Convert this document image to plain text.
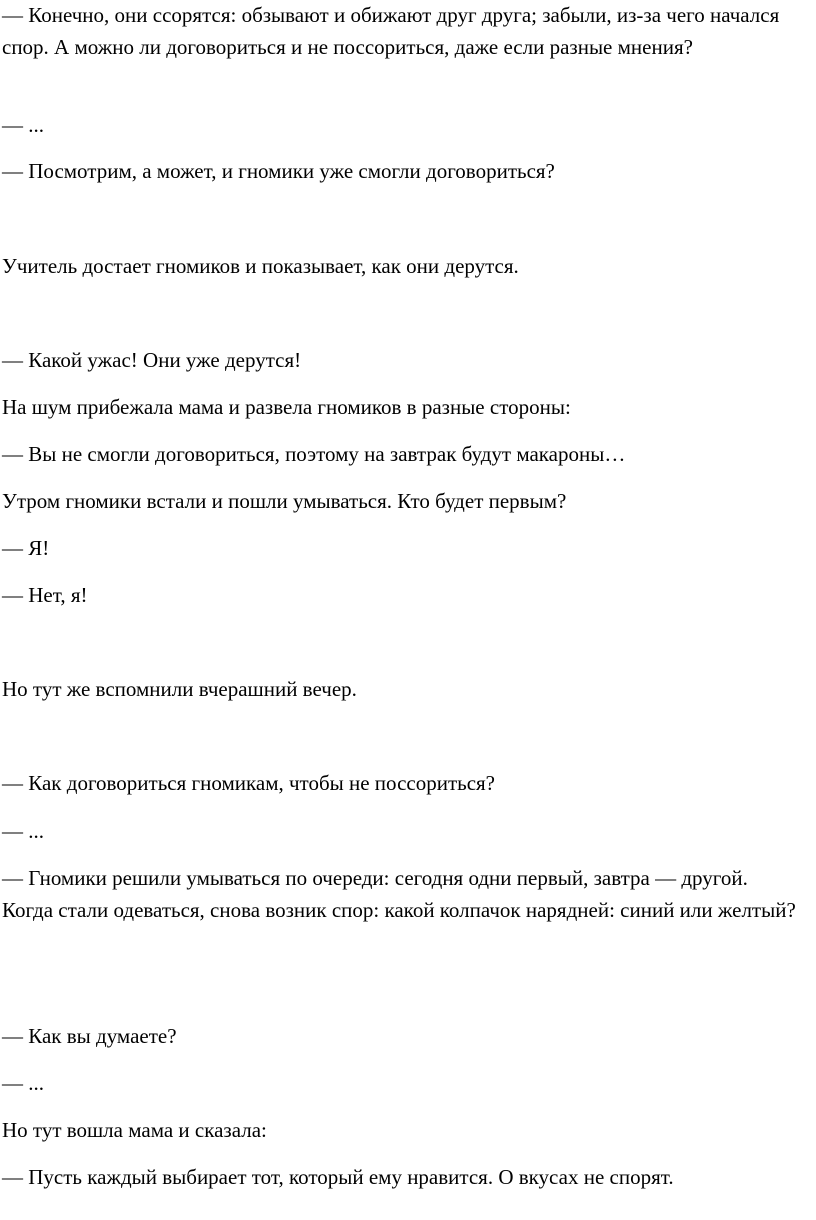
— Конечно, они ссорятся: обзывают и обижают друг друга; забыли, из-за чего начался спор. А можно ли договориться и не поссориться, даже если разные мнения?

— ...

— Посмотрим, а может, и гномики уже смогли договориться?

Учитель достает гномиков и показывает, как они дерутся.

— Какой ужас! Они уже дерутся!

На шум прибежала мама и развела гномиков в разные стороны:

— Вы не смогли договориться, поэтому на завтрак будут макароны…

Утром гномики встали и пошли умываться. Кто будет первым?

— Я!

— Нет, я!

Но тут же вспомнили вчерашний вечер.

— Как договориться гномикам, чтобы не поссориться?

— ...

— Гномики решили умываться по очереди: сегодня одни первый, завтра — другой. Когда стали одеваться, снова возник спор: какой колпачок нарядней: синий или желтый?

— Как вы думаете?

— ...

Но тут вошла мама и сказала:

— Пусть каждый выбирает тот, который ему нравится. О вкусах не спорят.
